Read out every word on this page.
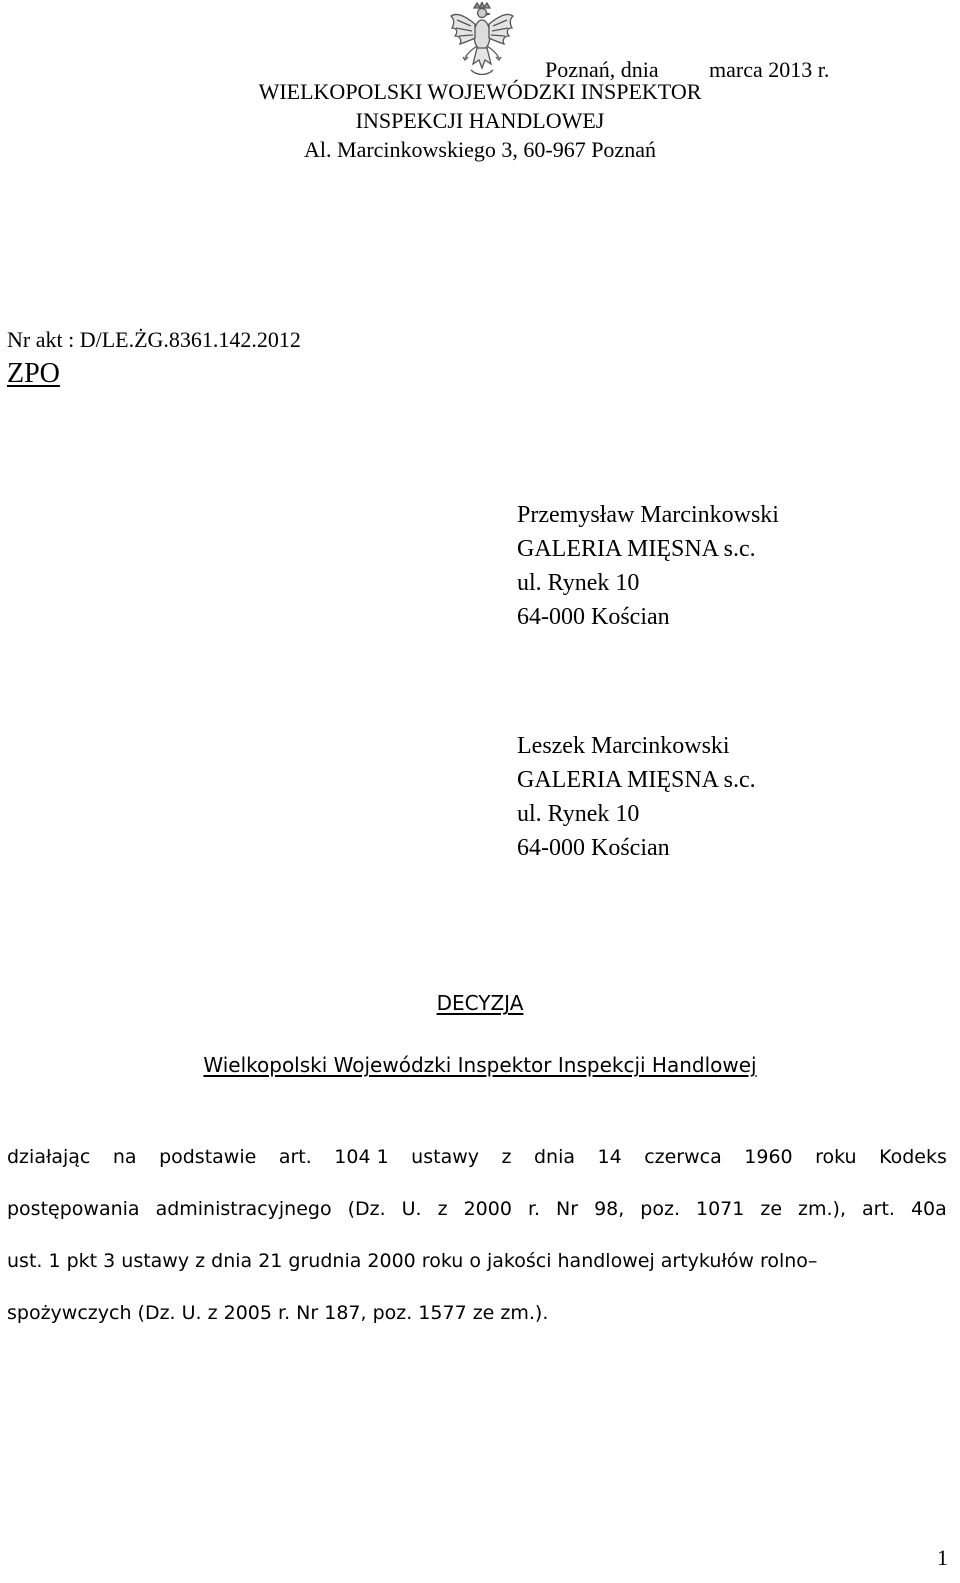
WIELKOPOLSKI WOJEWÓDZKI INSPEKTOR
INSPEKCJI HANDLOWEJ
Al. Marcinkowskiego 3, 60-967 Poznań
Poznań, dnia marca 2013 r.
Nr akt : D/LE.ŻG.8361.142.2012
ZPO
Przemysław Marcinkowski
GALERIA MIĘSNA s.c.
ul. Rynek 10
64-000 Kościan
Leszek Marcinkowski
GALERIA MIĘSNA s.c.
ul. Rynek 10
64-000 Kościan
DECYZJA
Wielkopolski Wojewódzki Inspektor Inspekcji Handlowej
działając na podstawie art. 104 1 ustawy z dnia 14 czerwca 1960 roku Kodeks
postępowania administracyjnego (Dz. U. z 2000 r. Nr 98, poz. 1071 ze zm.), art. 40a
ust. 1 pkt 3 ustawy z dnia 21 grudnia 2000 roku o jakości handlowej artykułów rolno–
spożywczych (Dz. U. z 2005 r. Nr 187, poz. 1577 ze zm.).
1
